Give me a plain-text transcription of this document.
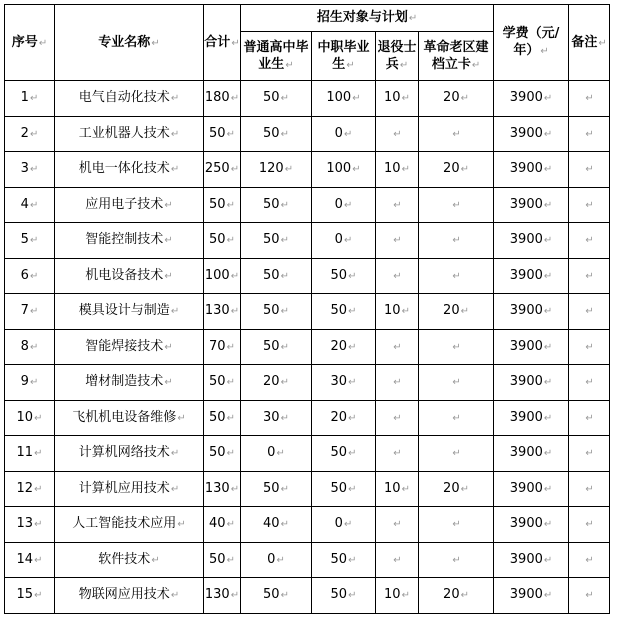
序号↵	专业名称↵	合计↵	招生对象与计划↵				学费（元/年）↵	备注↵
			普通高中毕业生↵	中职毕业生↵	退役士兵↵	革命老区建档立卡↵		
1↵	电气自动化技术↵	180↵	50↵	100↵	10↵	20↵	3900↵	↵
2↵	工业机器人技术↵	50↵	50↵	0↵	↵	↵	3900↵	↵
3↵	机电一体化技术↵	250↵	120↵	100↵	10↵	20↵	3900↵	↵
4↵	应用电子技术↵	50↵	50↵	0↵	↵	↵	3900↵	↵
5↵	智能控制技术↵	50↵	50↵	0↵	↵	↵	3900↵	↵
6↵	机电设备技术↵	100↵	50↵	50↵	↵	↵	3900↵	↵
7↵	模具设计与制造↵	130↵	50↵	50↵	10↵	20↵	3900↵	↵
8↵	智能焊接技术↵	70↵	50↵	20↵	↵	↵	3900↵	↵
9↵	增材制造技术↵	50↵	20↵	30↵	↵	↵	3900↵	↵
10↵	飞机机电设备维修↵	50↵	30↵	20↵	↵	↵	3900↵	↵
11↵	计算机网络技术↵	50↵	0↵	50↵	↵	↵	3900↵	↵
12↵	计算机应用技术↵	130↵	50↵	50↵	10↵	20↵	3900↵	↵
13↵	人工智能技术应用↵	40↵	40↵	0↵	↵	↵	3900↵	↵
14↵	软件技术↵	50↵	0↵	50↵	↵	↵	3900↵	↵
15↵	物联网应用技术↵	130↵	50↵	50↵	10↵	20↵	3900↵	↵
